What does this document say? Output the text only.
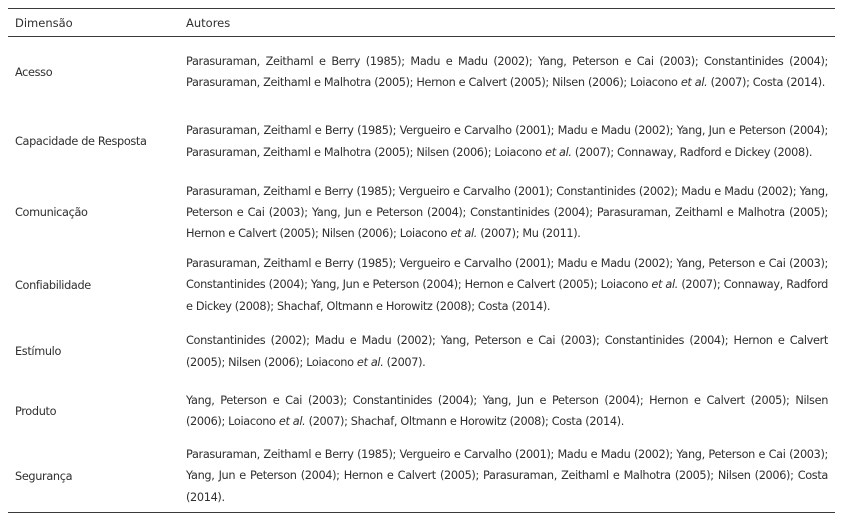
Dimensão	Autores
Acesso
Parasuraman, Zeithaml e Berry (1985); Madu e Madu (2002); Yang, Peterson e Cai (2003); Constantinides (2004); Parasuraman, Zeithaml e Malhotra (2005); Hernon e Calvert (2005); Nilsen (2006); Loiacono et al. (2007); Costa (2014).
Capacidade de Resposta
Parasuraman, Zeithaml e Berry (1985); Vergueiro e Carvalho (2001); Madu e Madu (2002); Yang, Jun e Peterson (2004); Parasuraman, Zeithaml e Malhotra (2005); Nilsen (2006); Loiacono et al. (2007); Connaway, Radford e Dickey (2008).
Comunicação
Parasuraman, Zeithaml e Berry (1985); Vergueiro e Carvalho (2001); Constantinides (2002); Madu e Madu (2002); Yang, Peterson e Cai (2003); Yang, Jun e Peterson (2004); Constantinides (2004); Parasuraman, Zeithaml e Malhotra (2005); Hernon e Calvert (2005); Nilsen (2006); Loiacono et al. (2007); Mu (2011).
Confiabilidade
Parasuraman, Zeithaml e Berry (1985); Vergueiro e Carvalho (2001); Madu e Madu (2002); Yang, Peterson e Cai (2003); Constantinides (2004); Yang, Jun e Peterson (2004); Hernon e Calvert (2005); Loiacono et al. (2007); Connaway, Radford e Dickey (2008); Shachaf, Oltmann e Horowitz (2008); Costa (2014).
Estímulo
Constantinides (2002); Madu e Madu (2002); Yang, Peterson e Cai (2003); Constantinides (2004); Hernon e Calvert (2005); Nilsen (2006); Loiacono et al. (2007).
Produto
Yang, Peterson e Cai (2003); Constantinides (2004); Yang, Jun e Peterson (2004); Hernon e Calvert (2005); Nilsen (2006); Loiacono et al. (2007); Shachaf, Oltmann e Horowitz (2008); Costa (2014).
Segurança
Parasuraman, Zeithaml e Berry (1985); Vergueiro e Carvalho (2001); Madu e Madu (2002); Yang, Peterson e Cai (2003); Yang, Jun e Peterson (2004); Hernon e Calvert (2005); Parasuraman, Zeithaml e Malhotra (2005); Nilsen (2006); Costa (2014).
